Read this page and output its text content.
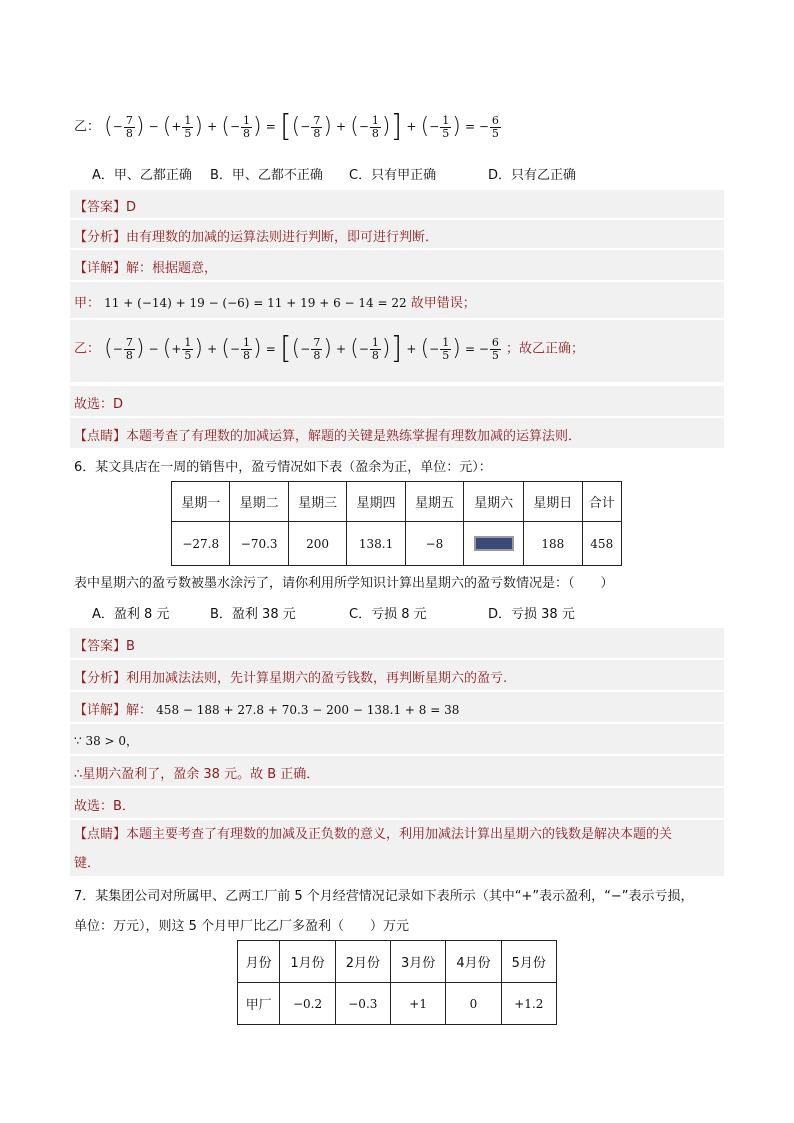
乙： (− $\frac{7}{8}$ ) − (+ $\frac{1}{5}$ ) + (− $\frac{1}{8}$ ) = [(− $\frac{7}{8}$ ) + (− $\frac{1}{8}$ )] + (− $\frac{1}{5}$ ) = − $\frac{6}{5}$
A．甲、乙都正确 B．甲、乙都不正确 C．只有甲正确	D．只有乙正确
【答案】D
【分析】由有理数的加减的运算法则进行判断，即可进行判断．
【详解】解：根据题意，
甲： 11 + (−14) + 19 − (−6) = 11 + 19 + 6 − 14 = 22 故甲错误；
乙： (− $\frac{7}{8}$ ) − (+ $\frac{1}{5}$ ) + (− $\frac{1}{8}$ ) = [(− $\frac{7}{8}$ ) + (− $\frac{1}{8}$ )] + (− $\frac{1}{5}$ ) = − $\frac{6}{5}$ ；故乙正确；
故选：D
【点睛】本题考查了有理数的加减运算，解题的关键是熟练掌握有理数加减的运算法则．
6．某文具店在一周的销售中，盈亏情况如下表（盈余为正，单位：元）：
星期一	星期二	星期三	星期四	星期五	星期六	星期日	合计
−27.8	−70.3	200	138.1	−8		188	458
表中星期六的盈亏数被墨水涂污了，请你利用所学知识计算出星期六的盈亏数情况是：（　　）
A．盈利 8 元	B．盈利 38 元	C．亏损 8 元	D．亏损 38 元
【答案】B
【分析】利用加减法法则，先计算星期六的盈亏钱数，再判断星期六的盈亏.
【详解】解： 458 − 188 + 27.8 + 70.3 − 200 − 138.1 + 8 = 38
∵ 38 > 0，
∴星期六盈利了，盈余 38 元。故 B 正确．
故选：B．
【点睛】本题主要考查了有理数的加减及正负数的意义，利用加减法计算出星期六的钱数是解决本题的关
键．
7．某集团公司对所属甲、乙两工厂前 5 个月经营情况记录如下表所示（其中“+”表示盈利，“−”表示亏损，
单位：万元），则这 5 个月甲厂比乙厂多盈利（　　）万元
月份	1月份	2月份	3月份	4月份	5月份
甲厂	−0.2	−0.3	+1	0	+1.2
